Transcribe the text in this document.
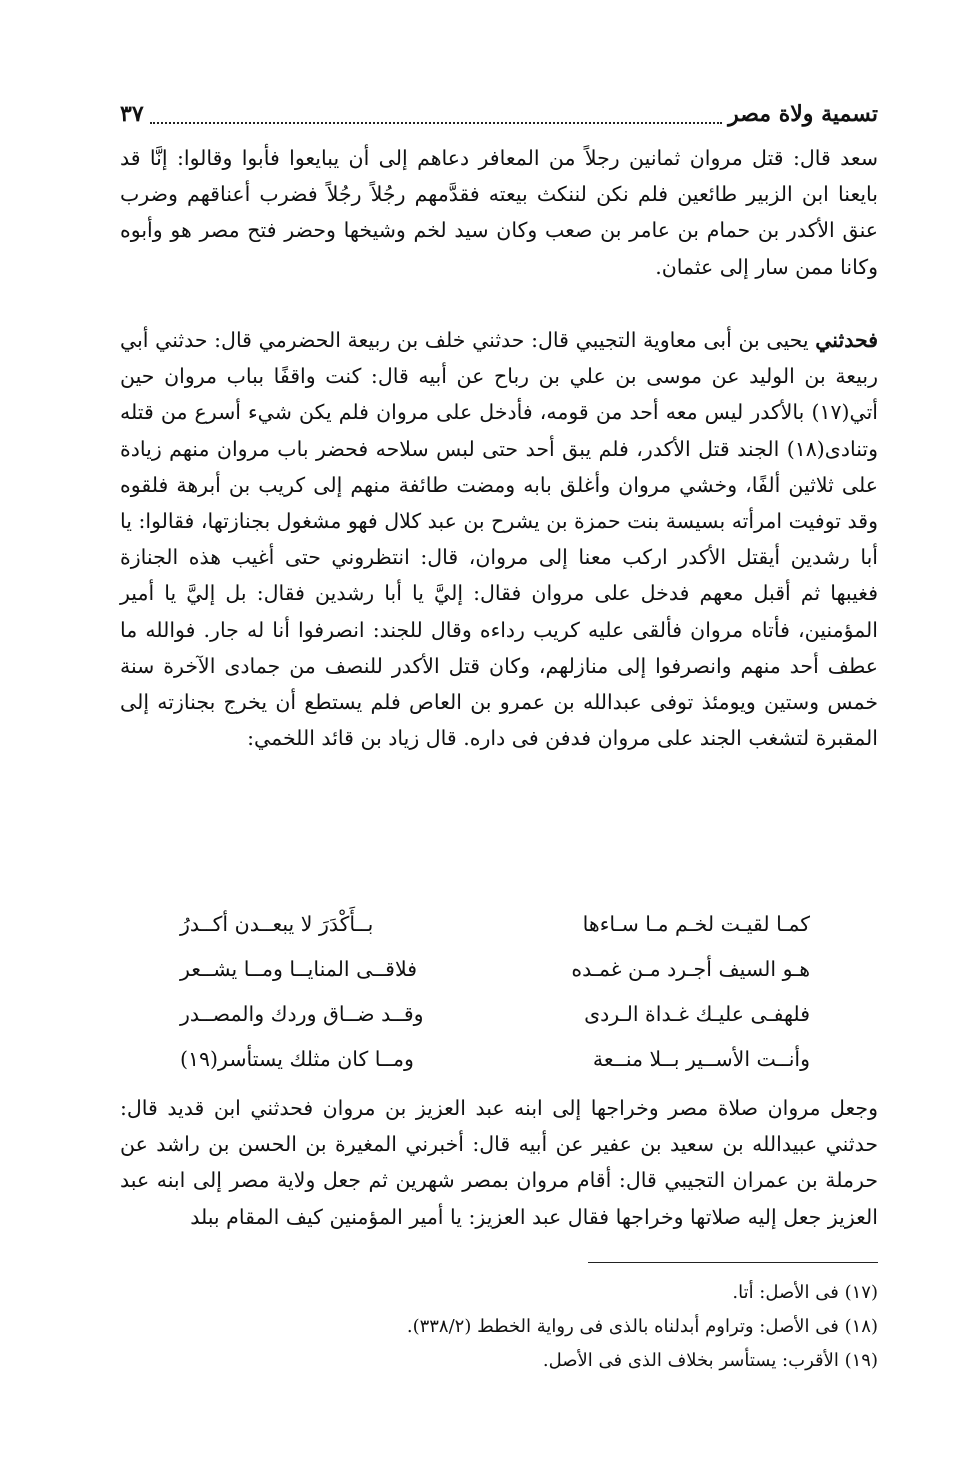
تسمية ولاة مصر
٣٧

سعد قال: قتل مروان ثمانين رجلاً من المعافر دعاهم إلى أن يبايعوا فأبوا وقالوا: إنَّا قد بايعنا ابن الزبير طائعين فلم نكن لننكث بيعته فقدَّمهم رجُلاً رجُلاً فضرب أعناقهم وضرب عنق الأكدر بن حمام بن عامر بن صعب وكان سيد لخم وشيخها وحضر فتح مصر هو وأبوه وكانا ممن سار إلى عثمان.

فحدثني يحيى بن أبى معاوية التجيبي قال: حدثني خلف بن ربيعة الحضرمي قال: حدثني أبي ربيعة بن الوليد عن موسى بن علي بن رباح عن أبيه قال: كنت واقفًا بباب مروان حين أتي(١٧) بالأكدر ليس معه أحد من قومه، فأدخل على مروان فلم يكن شيء أسرع من قتله وتنادى(١٨) الجند قتل الأكدر، فلم يبق أحد حتى لبس سلاحه فحضر باب مروان منهم زيادة على ثلاثين ألفًا، وخشي مروان وأغلق بابه ومضت طائفة منهم إلى كريب بن أبرهة فلقوه وقد توفيت امرأته بسيسة بنت حمزة بن يشرح بن عبد كلال فهو مشغول بجنازتها، فقالوا: يا أبا رشدين أيقتل الأكدر اركب معنا إلى مروان، قال: انتظروني حتى أغيب هذه الجنازة فغيبها ثم أقبل معهم فدخل على مروان فقال: إليَّ يا أبا رشدين فقال: بل إليَّ يا أمير المؤمنين، فأتاه مروان فألقى عليه كريب رداءه وقال للجند: انصرفوا أنا له جار. فوالله ما عطف أحد منهم وانصرفوا إلى منازلهم، وكان قتل الأكدر للنصف من جمادى الآخرة سنة خمس وستين ويومئذ توفى عبدالله بن عمرو بن العاص فلم يستطع أن يخرج بجنازته إلى المقبرة لتشغب الجند على مروان فدفن فى داره. قال زياد بن قائد اللخمي:

كمـا لقيـت لخـم مـا سـاءها
بــأَكْدَرَ لا يبعــدن أكــدرُ
هـو السيف أجـرد مـن غمـده
فلاقــى المنايــا ومــا يشــعر
فلهفـى عليـك غـداة الـردى
وقــد ضــاق وردك والمصــدر
وأنــت الأســير بــلا منــعة
ومــا كان مثلك يستأسر(١٩)

وجعل مروان صلاة مصر وخراجها إلى ابنه عبد العزيز بن مروان فحدثني ابن قديد قال: حدثني عبيدالله بن سعيد بن عفير عن أبيه قال: أخبرني المغيرة بن الحسن بن راشد عن حرملة بن عمران التجيبي قال: أقام مروان بمصر شهرين ثم جعل ولاية مصر إلى ابنه عبد العزيز جعل إليه صلاتها وخراجها فقال عبد العزيز: يا أمير المؤمنين كيف المقام ببلد

(١٧) فى الأصل: أتا.
(١٨) فى الأصل: وتراوم أبدلناه بالذى فى رواية الخطط (٣٣٨/٢).
(١٩) الأقرب: يستأسر بخلاف الذى فى الأصل.
